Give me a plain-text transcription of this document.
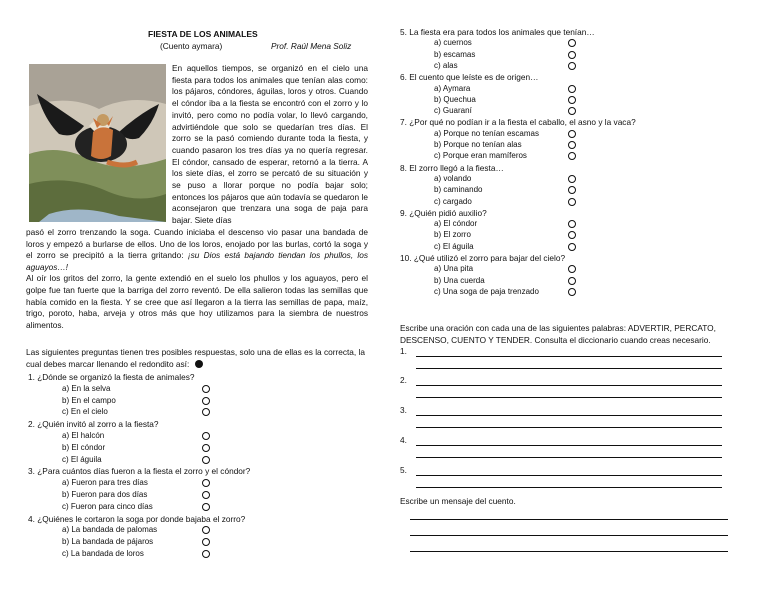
FIESTA DE LOS ANIMALES
(Cuento aymara)	Prof. Raúl Mena Soliz
En aquellos tiempos, se organizó en el cielo una fiesta para todos los animales que tenían alas como: los pájaros, cóndores, águilas, loros y otros. Cuando el cóndor iba a la fiesta se encontró con el zorro y lo invitó, pero como no podía volar, lo llevó cargando, advirtiéndole que solo se quedarían tres días. El zorro se la pasó comiendo durante toda la fiesta, y cuando pasaron los tres días ya no quería regresar. El cóndor, cansado de esperar, retornó a la tierra. A los siete días, el zorro se percató de su situación y se puso a llorar porque no podía bajar solo; entonces los pájaros que aún todavía se quedaron le aconsejaron que trenzara una soga de paja para bajar. Siete días
pasó el zorro trenzando la soga. Cuando iniciaba el descenso vio pasar una bandada de loros y empezó a burlarse de ellos. Uno de los loros, enojado por las burlas, cortó la soga y el zorro se precipitó a la tierra gritando: ¡su Dios está bajando tiendan los phullos, los aguayos…!
Al oír los gritos del zorro, la gente extendió en el suelo los phullos y los aguayos, pero el golpe fue tan fuerte que la barriga del zorro reventó. De ella salieron todas las semillas que había comido en la fiesta. Y se cree que así llegaron a la tierra las semillas de papa, maíz, trigo, poroto, haba, arveja y otros más que hoy utilizamos para la siembra de nuestros alimentos.
Las siguientes preguntas tienen tres posibles respuestas, solo una de ellas es la correcta, la cual debes marcar llenando el redondito así:
1. ¿Dónde se organizó la fiesta de animales?
a) En la selva
b) En el campo
c) En el cielo
2. ¿Quién invitó al zorro a la fiesta?
a) El halcón
b) El cóndor
c) El águila
3. ¿Para cuántos días fueron a la fiesta el zorro y el cóndor?
a) Fueron para tres días
b) Fueron para dos días
c) Fueron para cinco días
4. ¿Quiénes le cortaron la soga por donde bajaba el zorro?
a) La bandada de palomas
b) La bandada de pájaros
c) La bandada de loros
5. La fiesta era para todos los animales que tenían…
a) cuernos
b) escamas
c) alas
6. El cuento que leíste es de origen…
a) Aymara
b) Quechua
c) Guaraní
7. ¿Por qué no podían ir a la fiesta el caballo, el asno y la vaca?
a) Porque no tenían escamas
b) Porque no tenían alas
c) Porque eran mamíferos
8. El zorro llegó a la fiesta…
a) volando
b) caminando
c) cargado
9. ¿Quién pidió auxilio?
a) El cóndor
b) El zorro
c) El águila
10. ¿Qué utilizó el zorro para bajar del cielo?
a) Una pita
b) Una cuerda
c) Una soga de paja trenzado
Escribe una oración con cada una de las siguientes palabras: ADVERTIR, PERCATO, DESCENSO, CUENTO Y TENDER. Consulta el diccionario cuando creas necesario.
1.
2.
3.
4.
5.
Escribe un mensaje del cuento.
